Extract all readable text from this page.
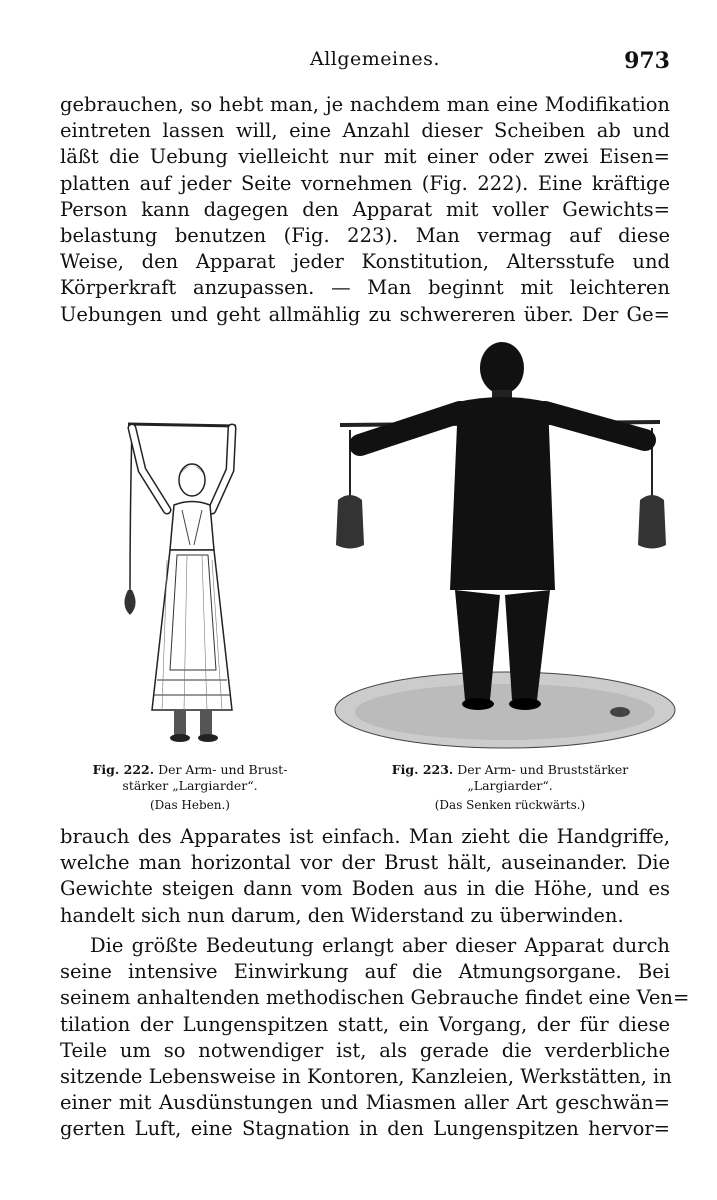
Allgemeines.	973
gebrauchen, so hebt man, je nachdem man eine Modifikation
eintreten lassen will, eine Anzahl dieser Scheiben ab und
läßt die Uebung vielleicht nur mit einer oder zwei Eisen=
platten auf jeder Seite vornehmen (Fig. 222). Eine kräftige
Person kann dagegen den Apparat mit voller Gewichts=
belastung benutzen (Fig. 223). Man vermag auf diese
Weise, den Apparat jeder Konstitution, Altersstufe und
Körperkraft anzupassen. — Man beginnt mit leichteren
Uebungen und geht allmählig zu schwereren über. Der Ge=
Fig. 222. Der Arm- und Brust-
stärker „Largiarder“.
(Das Heben.)
Fig. 223. Der Arm- und Bruststärker
„Largiarder“.
(Das Senken rückwärts.)
brauch des Apparates ist einfach. Man zieht die Handgriffe,
welche man horizontal vor der Brust hält, auseinander. Die
Gewichte steigen dann vom Boden aus in die Höhe, und es
handelt sich nun darum, den Widerstand zu überwinden.
Die größte Bedeutung erlangt aber dieser Apparat durch
seine intensive Einwirkung auf die Atmungsorgane. Bei
seinem anhaltenden methodischen Gebrauche findet eine Ven=
tilation der Lungenspitzen statt, ein Vorgang, der für diese
Teile um so notwendiger ist, als gerade die verderbliche
sitzende Lebensweise in Kontoren, Kanzleien, Werkstätten, in
einer mit Ausdünstungen und Miasmen aller Art geschwän=
gerten Luft, eine Stagnation in den Lungenspitzen hervor=
